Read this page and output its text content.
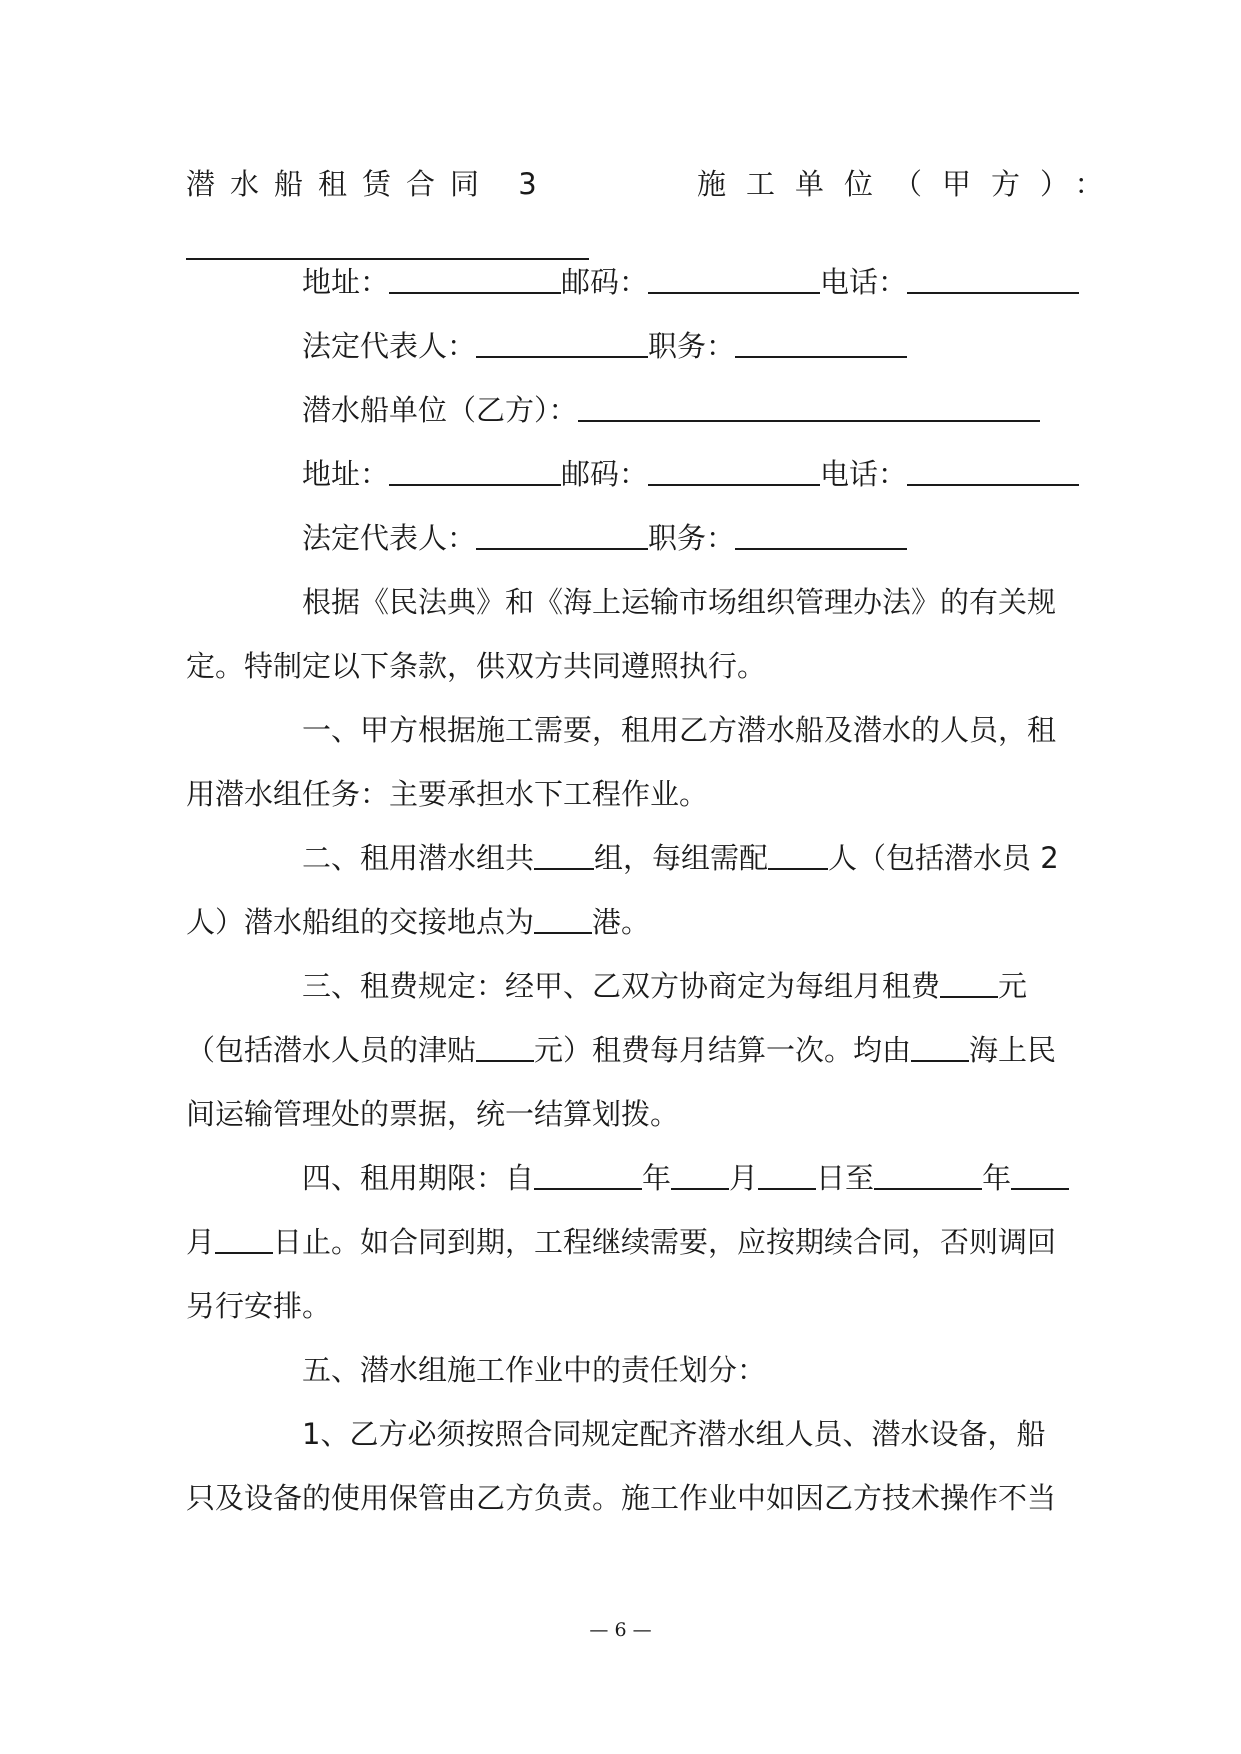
潜水船租赁合同 3	施工单位（甲方）：
地址：	邮码：	电话：
法定代表人：	职务：
潜水船单位（乙方）：
地址：	邮码：	电话：
法定代表人：	职务：
根据《民法典》和《海上运输市场组织管理办法》的有关规
定。特制定以下条款，供双方共同遵照执行。
一、甲方根据施工需要，租用乙方潜水船及潜水的人员，租
用潜水组任务：主要承担水下工程作业。
二、租用潜水组共 组，每组需配 人（包括潜水员 2
人）潜水船组的交接地点为 港。
三、租费规定：经甲、乙双方协商定为每组月租费 元
（包括潜水人员的津贴 元）租费每月结算一次。均由 海上民
间运输管理处的票据，统一结算划拨。
四、租用期限：自	年 月 日至	年
月 日止。如合同到期，工程继续需要，应按期续合同，否则调回
另行安排。
五、潜水组施工作业中的责任划分：
1、乙方必须按照合同规定配齐潜水组人员、潜水设备，船
只及设备的使用保管由乙方负责。施工作业中如因乙方技术操作不当
— 6 —
